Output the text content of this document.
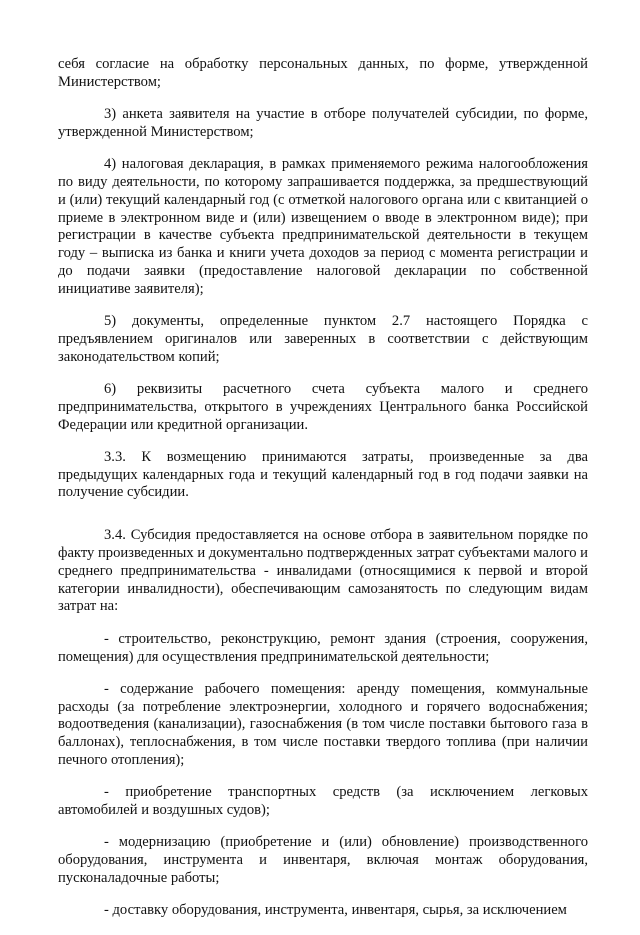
себя согласие на обработку персональных данных, по форме, утвержденной Министерством;

3) анкета заявителя на участие в отборе получателей субсидии, по форме, утвержденной Министерством;

4) налоговая декларация, в рамках применяемого режима налогообложения по виду деятельности, по которому запрашивается поддержка, за предшествующий и (или) текущий календарный год (с отметкой налогового органа или с квитанцией о приеме в электронном виде и (или) извещением о вводе в электронном виде); при регистрации в качестве субъекта предпринимательской деятельности в текущем году – выписка из банка и книги учета доходов за период с момента регистрации и до подачи заявки (предоставление налоговой декларации по собственной инициативе заявителя);

5) документы, определенные пунктом 2.7 настоящего Порядка с предъявлением оригиналов или заверенных в соответствии с действующим законодательством копий;

6) реквизиты расчетного счета субъекта малого и среднего предпринимательства, открытого в учреждениях Центрального банка Российской Федерации или кредитной организации.

3.3. К возмещению принимаются затраты, произведенные за два предыдущих календарных года и текущий календарный год в год подачи заявки на получение субсидии.

3.4. Субсидия предоставляется на основе отбора в заявительном порядке по факту произведенных и документально подтвержденных затрат субъектами малого и среднего предпринимательства - инвалидами (относящимися к первой и второй категории инвалидности), обеспечивающим самозанятость по следующим видам затрат на:

- строительство, реконструкцию, ремонт здания (строения, сооружения, помещения) для осуществления предпринимательской деятельности;

- содержание рабочего помещения: аренду помещения, коммунальные расходы (за потребление электроэнергии, холодного и горячего водоснабжения; водоотведения (канализации), газоснабжения (в том числе поставки бытового газа в баллонах), теплоснабжения, в том числе поставки твердого топлива (при наличии печного отопления);

- приобретение транспортных средств (за исключением легковых автомобилей и воздушных судов);

- модернизацию (приобретение и (или) обновление) производственного оборудования, инструмента и инвентаря, включая монтаж оборудования, пусконаладочные работы;

- доставку оборудования, инструмента, инвентаря, сырья, за исключением
